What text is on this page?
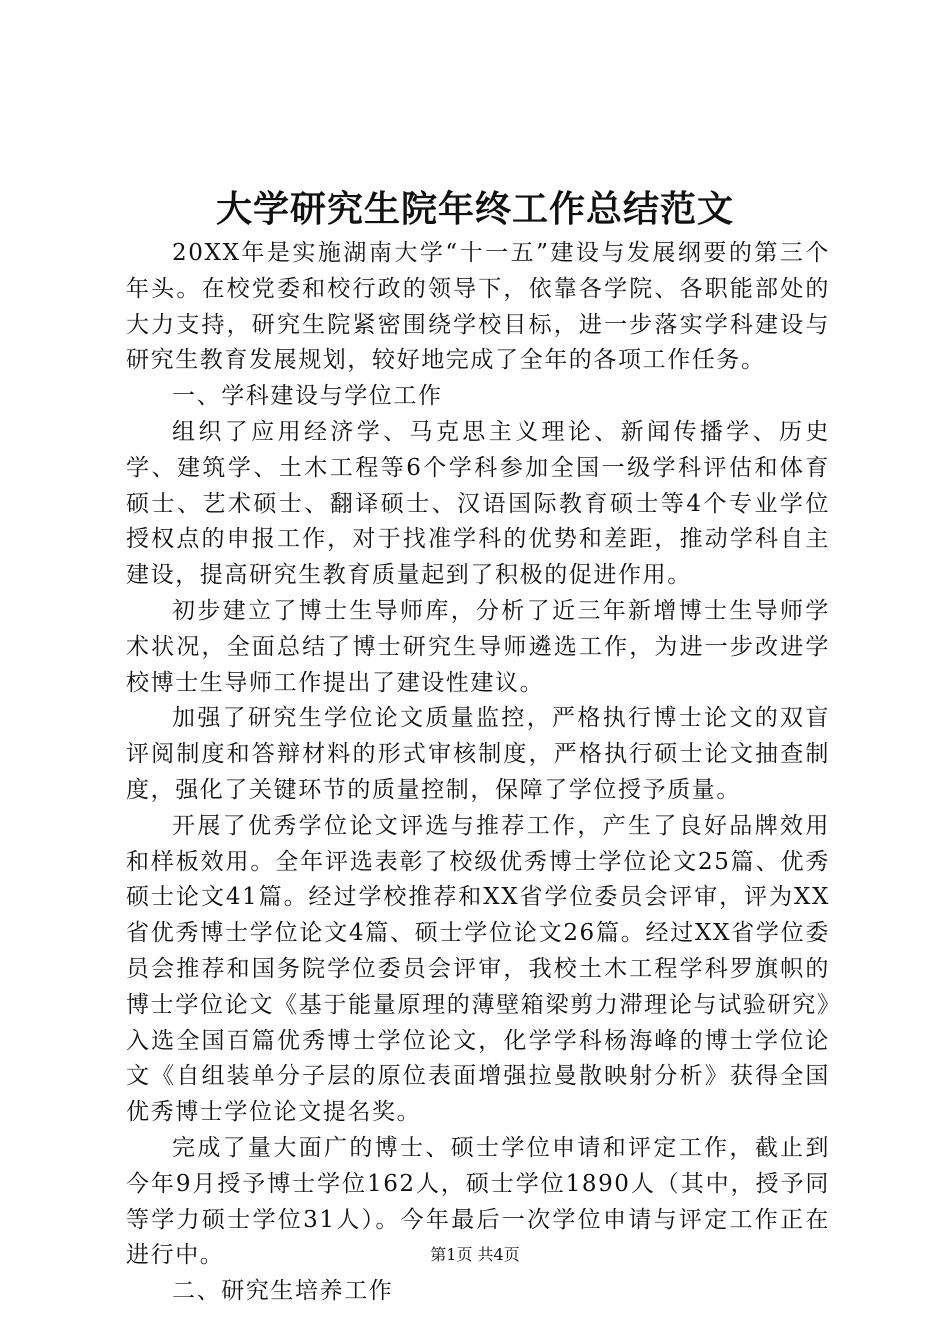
大学研究生院年终工作总结范文

20XX年是实施湖南大学“十一五”建设与发展纲要的第三个年头。在校党委和校行政的领导下，依靠各学院、各职能部处的大力支持，研究生院紧密围绕学校目标，进一步落实学科建设与研究生教育发展规划，较好地完成了全年的各项工作任务。

一、学科建设与学位工作

组织了应用经济学、马克思主义理论、新闻传播学、历史学、建筑学、土木工程等6个学科参加全国一级学科评估和体育硕士、艺术硕士、翻译硕士、汉语国际教育硕士等4个专业学位授权点的申报工作，对于找准学科的优势和差距，推动学科自主建设，提高研究生教育质量起到了积极的促进作用。

初步建立了博士生导师库，分析了近三年新增博士生导师学术状况，全面总结了博士研究生导师遴选工作，为进一步改进学校博士生导师工作提出了建设性建议。

加强了研究生学位论文质量监控，严格执行博士论文的双盲评阅制度和答辩材料的形式审核制度，严格执行硕士论文抽查制度，强化了关键环节的质量控制，保障了学位授予质量。

开展了优秀学位论文评选与推荐工作，产生了良好品牌效用和样板效用。全年评选表彰了校级优秀博士学位论文25篇、优秀硕士论文41篇。经过学校推荐和XX省学位委员会评审，评为XX省优秀博士学位论文4篇、硕士学位论文26篇。经过XX省学位委员会推荐和国务院学位委员会评审，我校土木工程学科罗旗帜的博士学位论文《基于能量原理的薄壁箱梁剪力滞理论与试验研究》入选全国百篇优秀博士学位论文，化学学科杨海峰的博士学位论文《自组装单分子层的原位表面增强拉曼散映射分析》获得全国优秀博士学位论文提名奖。

完成了量大面广的博士、硕士学位申请和评定工作，截止到今年9月授予博士学位162人，硕士学位1890人（其中，授予同等学力硕士学位31人）。今年最后一次学位申请与评定工作正在进行中。

二、研究生培养工作

第1页 共4页
